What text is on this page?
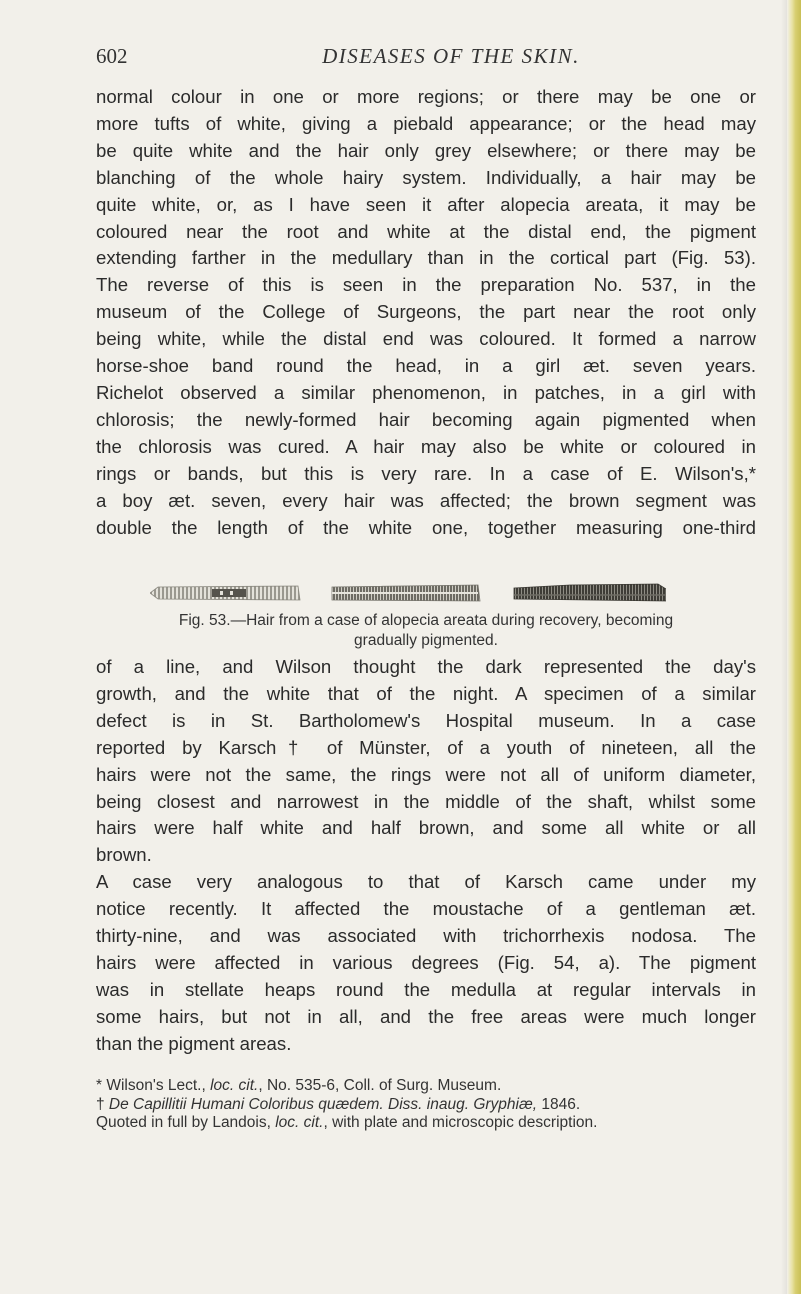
602	DISEASES OF THE SKIN.
normal colour in one or more regions; or there may be one or
more tufts of white, giving a piebald appearance; or the head may
be quite white and the hair only grey elsewhere; or there may be
blanching of the whole hairy system. Individually, a hair may be
quite white, or, as I have seen it after alopecia areata, it may be
coloured near the root and white at the distal end, the pigment
extending farther in the medullary than in the cortical part (Fig. 53).
The reverse of this is seen in the preparation No. 537, in the
museum of the College of Surgeons, the part near the root only
being white, while the distal end was coloured. It formed a narrow
horse-shoe band round the head, in a girl æt. seven years.
Richelot observed a similar phenomenon, in patches, in a girl with
chlorosis; the newly-formed hair becoming again pigmented when
the chlorosis was cured. A hair may also be white or coloured in
rings or bands, but this is very rare. In a case of E. Wilson's,*
a boy æt. seven, every hair was affected; the brown segment was
double the length of the white one, together measuring one-third
Fig. 53.—Hair from a case of alopecia areata during recovery, becoming
gradually pigmented.
of a line, and Wilson thought the dark represented the day's
growth, and the white that of the night. A specimen of a similar
defect is in St. Bartholomew's Hospital museum. In a case
reported by Karsch† of Münster, of a youth of nineteen, all the
hairs were not the same, the rings were not all of uniform diameter,
being closest and narrowest in the middle of the shaft, whilst some
hairs were half white and half brown, and some all white or all
brown.
A case very analogous to that of Karsch came under my
notice recently. It affected the moustache of a gentleman æt.
thirty-nine, and was associated with trichorrhexis nodosa. The
hairs were affected in various degrees (Fig. 54, a). The pigment
was in stellate heaps round the medulla at regular intervals in
some hairs, but not in all, and the free areas were much longer
than the pigment areas.
* Wilson's Lect., loc. cit., No. 535-6, Coll. of Surg. Museum.
† De Capillitii Humani Coloribus quædem. Diss. inaug. Gryphiæ, 1846.
Quoted in full by Landois, loc. cit., with plate and microscopic description.
